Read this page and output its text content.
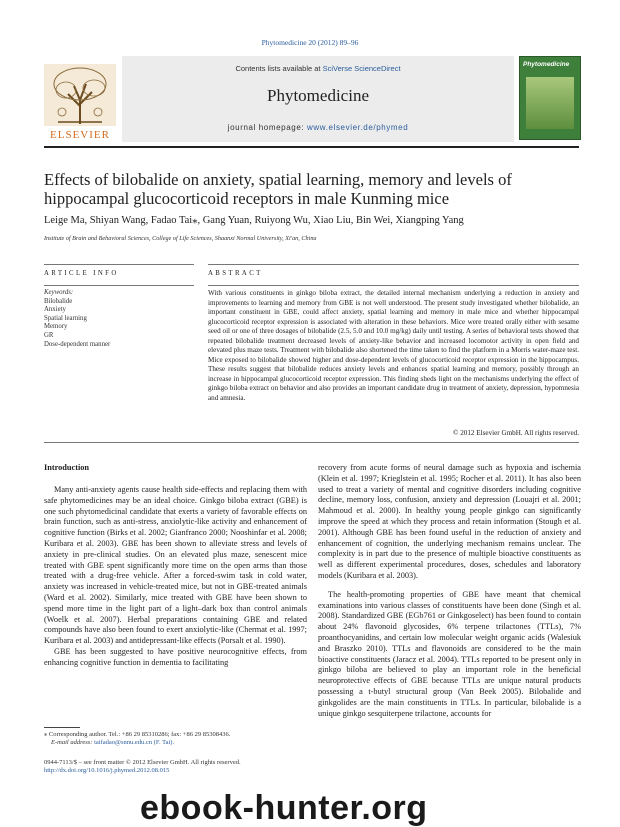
Phytomedicine 20 (2012) 89–96
ELSEVIER
Contents lists available at SciVerse ScienceDirect
Phytomedicine
journal homepage: www.elsevier.de/phymed
Phytomedicine
Effects of bilobalide on anxiety, spatial learning, memory and levels of hippocampal glucocorticoid receptors in male Kunming mice
Leige Ma, Shiyan Wang, Fadao Tai⁎, Gang Yuan, Ruiyong Wu, Xiao Liu, Bin Wei, Xiangping Yang
Institute of Brain and Behavioral Sciences, College of Life Sciences, Shaanxi Normal University, Xi'an, China
ARTICLE INFO
Keywords:
Bilobalide
Anxiety
Spatial learning
Memory
GR
Dose-dependent manner
ABSTRACT
With various constituents in ginkgo biloba extract, the detailed internal mechanism underlying a reduction in anxiety and improvements to learning and memory from GBE is not well understood. The present study investigated whether bilobalide, an important constituent in GBE, could affect anxiety, spatial learning and memory in male mice and whether hippocampal glucocorticoid receptor expression is associated with alteration in these behaviors. Mice were treated orally either with sesame seed oil or one of three dosages of bilobalide (2.5, 5.0 and 10.0 mg/kg) daily until testing. A series of behavioral tests showed that repeated bilobalide treatment decreased levels of anxiety-like behavior and increased locomotor activity in open field and elevated plus maze tests. Treatment with bilobalide also shortened the time taken to find the platform in a Morris water-maze test. Mice exposed to bilobalide showed higher and dose-dependent levels of glucocorticoid receptor expression in the hippocampus. These results suggest that bilobalide reduces anxiety levels and enhances spatial learning and memory, possibly through an increase in hippocampal glucocorticoid receptor expression. This finding sheds light on the mechanisms underlying the effect of ginkgo biloba extract on behavior and also provides an important candidate drug in treatment of anxiety, depression, hypomnesia and amnesia.
© 2012 Elsevier GmbH. All rights reserved.
Introduction

Many anti-anxiety agents cause health side-effects and replacing them with safe phytomedicines may be an ideal choice. Ginkgo biloba extract (GBE) is one such phytomedicinal candidate that exerts a variety of favorable effects on brain function, such as anti-stress, anxiolytic-like activity and enhancement of cognitive function (Birks et al. 2002; Gianfranco 2000; Nooshinfar et al. 2008; Kuribara et al. 2003). GBE has been shown to alleviate stress and levels of anxiety in pre-clinical studies. On an elevated plus maze, senescent mice treated with GBE spent significantly more time on the open arms than those treated with a drug-free vehicle. After a forced-swim task in cold water, anxiety was increased in vehicle-treated mice, but not in GBE-treated animals (Ward et al. 2002). Similarly, mice treated with GBE have been shown to spend more time in the light part of a light–dark box than control animals (Woelk et al. 2007). Herbal preparations containing GBE and related compounds have also been found to exert anxiolytic-like (Chermat et al. 1997; Kuribara et al. 2003) and antidepressant-like effects (Porsalt et al. 1990).

GBE has been suggested to have positive neurocognitive effects, from enhancing cognitive function in dementia to facilitating

recovery from acute forms of neural damage such as hypoxia and ischemia (Klein et al. 1997; Krieglstein et al. 1995; Rocher et al. 2011). It has also been used to treat a variety of mental and cognitive disorders including cognitive decline, memory loss, confusion, anxiety and depression (Louajri et al. 2001; Mahmoud et al. 2000). In healthy young people ginkgo can significantly improve the speed at which they process and retain information (Stough et al. 2001). Although GBE has been found useful in the reduction of anxiety and enhancement of cognition, the underlying mechanism remains unclear. The complexity is in part due to the presence of multiple bioactive constituents as well as different experimental procedures, doses, schedules and laboratory models (Kuribara et al. 2003).

The health-promoting properties of GBE have meant that chemical examinations into various classes of constituents have been done (Singh et al. 2008). Standardized GBE (EGb761 or Ginkgoselect) has been found to contain about 24% flavonoid glycosides, 6% terpene trilactones (TTLs), 7% proanthocyanidins, and certain low molecular weight organic acids (Walesiuk and Braszko 2010). TTLs and flavonoids are considered to be the main bioactive constituents (Jaracz et al. 2004). TTLs reported to be present only in ginkgo biloba are believed to play an important role in the beneficial neuroprotective effects of GBE because TTLs are unique natural products possessing a t-butyl structural group (Van Beek 2005). Bilobalide and ginkgolides are the main constituents in TTLs. In particular, bilobalide is a unique ginkgo sesquiterpene trilactone, accounts for

⁎ Corresponding author. Tel.: +86 29 85310286; fax: +86 29 85308436.
E-mail address: taifadao@snnu.edu.cn (F. Tai).
0944-7113/$ – see front matter © 2012 Elsevier GmbH. All rights reserved.
http://dx.doi.org/10.1016/j.phymed.2012.08.015
ebook-hunter.org
